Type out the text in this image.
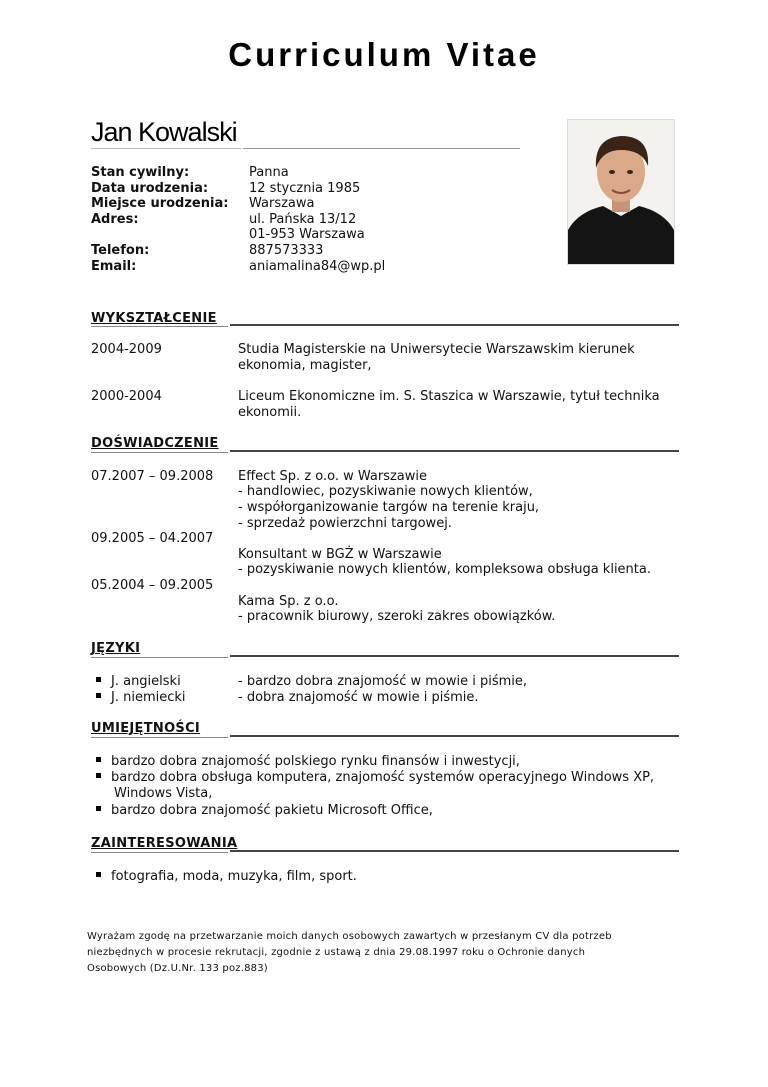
Curriculum Vitae
Jan Kowalski
Stan cywilny:	Panna
Data urodzenia:	12 stycznia 1985
Miejsce urodzenia: Warszawa
Adres:	ul. Pańska 13/12
01-953 Warszawa
Telefon:	887573333
Email:	aniamalina84@wp.pl
WYKSZTAŁCENIE
2004-2009	Studia Magisterskie na Uniwersytecie Warszawskim kierunek
ekonomia, magister,
2000-2004	Liceum Ekonomiczne im. S. Staszica w Warszawie, tytuł technika
ekonomii.
DOŚWIADCZENIE
07.2007 – 09.2008 Effect Sp. z o.o. w Warszawie
- handlowiec, pozyskiwanie nowych klientów,
- współorganizowanie targów na terenie kraju,
- sprzedaż powierzchni targowej.
09.2005 – 04.2007
Konsultant w BGŻ w Warszawie
- pozyskiwanie nowych klientów, kompleksowa obsługa klienta.
05.2004 – 09.2005
Kama Sp. z o.o.
- pracownik biurowy, szeroki zakres obowiązków.
JĘZYKI
J. angielski	- bardzo dobra znajomość w mowie i piśmie,
J. niemiecki	- dobra znajomość w mowie i piśmie.
UMIEJĘTNOŚCI
bardzo dobra znajomość polskiego rynku finansów i inwestycji,
bardzo dobra obsługa komputera, znajomość systemów operacyjnego Windows XP,
Windows Vista,
bardzo dobra znajomość pakietu Microsoft Office,
ZAINTERESOWANIA
fotografia, moda, muzyka, film, sport.
Wyrażam zgodę na przetwarzanie moich danych osobowych zawartych w przesłanym CV dla potrzeb
niezbędnych w procesie rekrutacji, zgodnie z ustawą z dnia 29.08.1997 roku o Ochronie danych
Osobowych (Dz.U.Nr. 133 poz.883)
